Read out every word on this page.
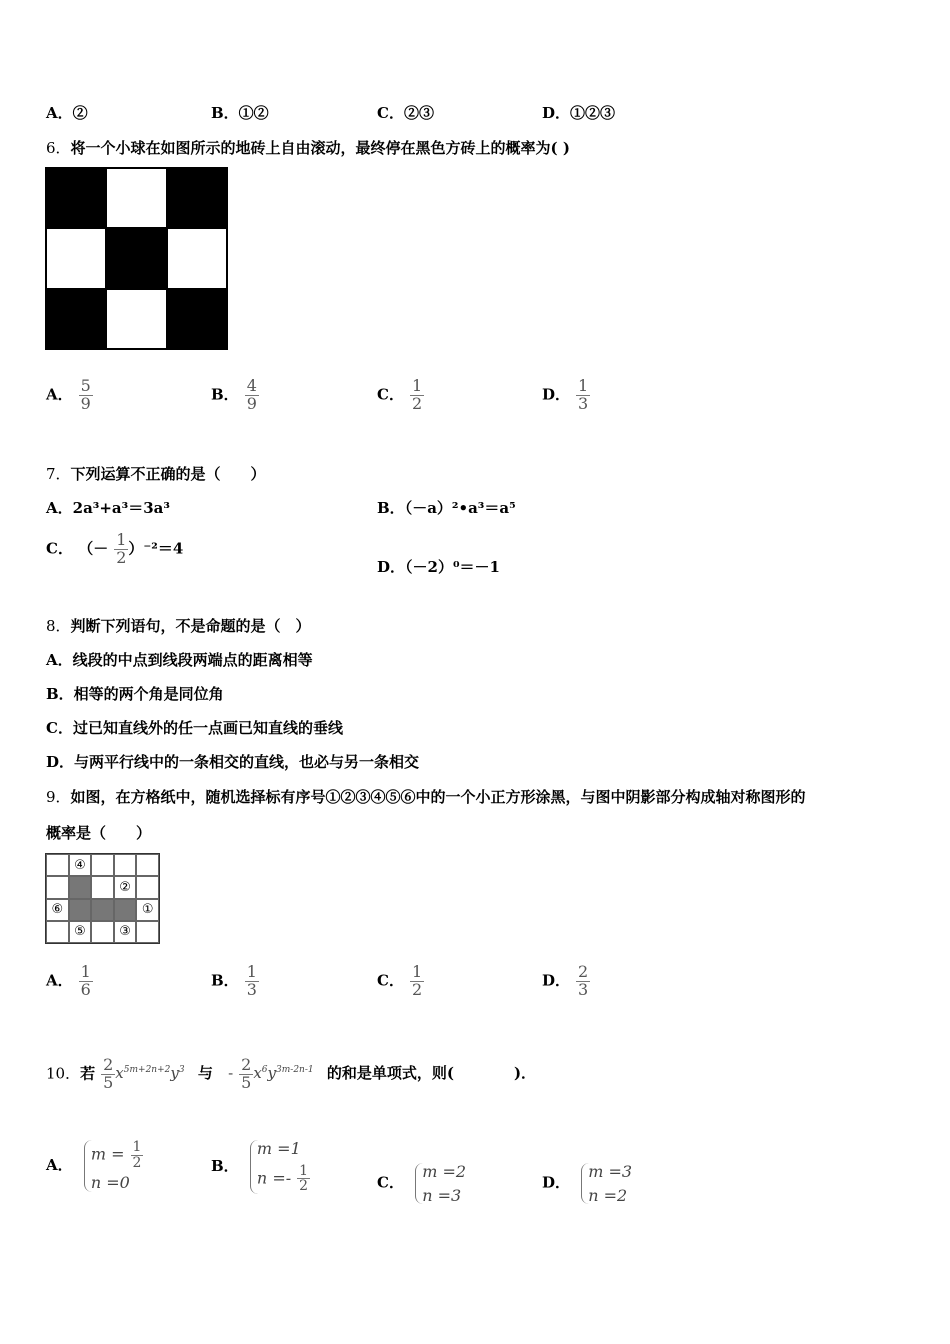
A．②	B．①②	C．②③	D．①②③
6．将一个小球在如图所示的地砖上自由滚动，最终停在黑色方砖上的概率为( )
A． $\frac{5}{9}$	B． $\frac{4}{9}$	C． $\frac{1}{2}$	D． $\frac{1}{3}$
7．下列运算不正确的是（　　）
A．2a³+a³＝3a³	B．（－a）²•a³＝a⁵
C． （－ $\frac{1}{2} )^{-2}=4$
D．（－2）⁰＝－1
8．判断下列语句，不是命题的是（　）
A．线段的中点到线段两端点的距离相等
B．相等的两个角是同位角
C．过已知直线外的任一点画已知直线的垂线
D．与两平行线中的一条相交的直线，也必与另一条相交
9．如图，在方格纸中，随机选择标有序号①②③④⑤⑥中的一个小正方形涂黑，与图中阴影部分构成轴对称图形的
概率是（　　）
④
②
⑥	①
⑤	③
A． $\frac{1}{6}$	B． $\frac{1}{3}$	C． $\frac{1}{2}$	D． $\frac{2}{3}$
10．若 $\frac{2}{5} x^{5m+2n+2}y^3$ 与 - $\frac{2}{5} x^6y^{3m-2n-1}$ 的和是单项式，则(　　　　)．
A．
$m = \frac{1}{2}$
n =0
B．
m =1
$n =- \frac{1}{2}$	C．
m =2
n =3
D．
m =3
n =2
